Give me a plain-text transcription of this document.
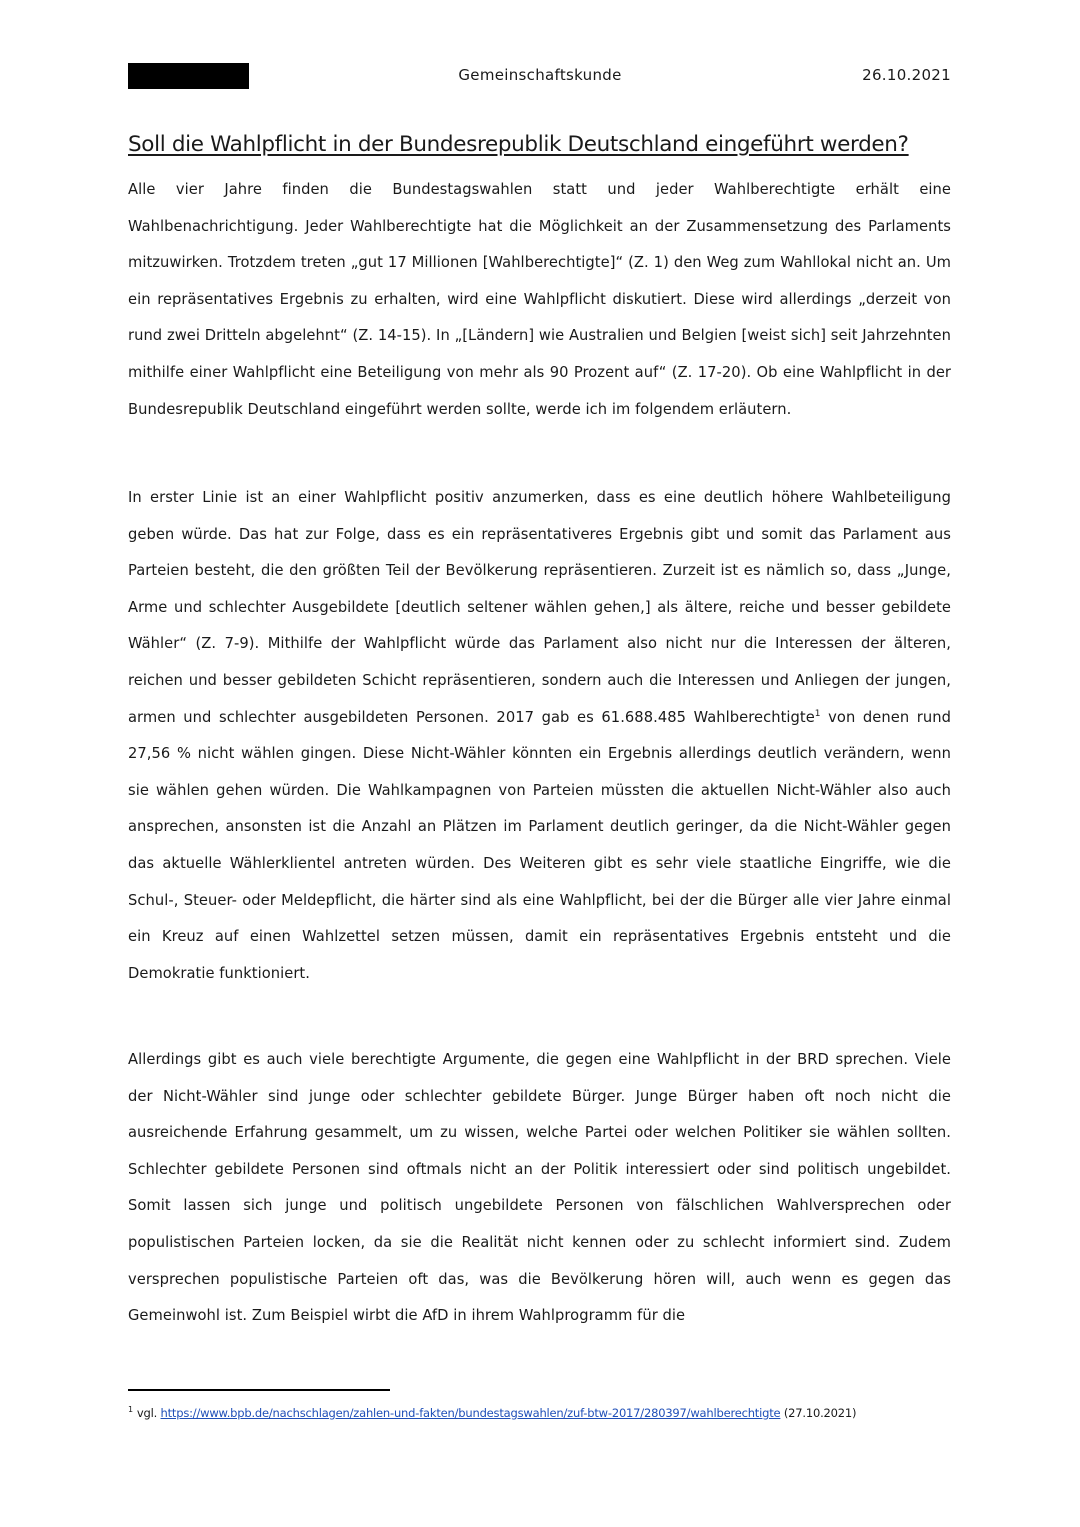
Gemeinschaftskunde	26.10.2021
Soll die Wahlpflicht in der Bundesrepublik Deutschland eingeführt werden?

Alle vier Jahre finden die Bundestagswahlen statt und jeder Wahlberechtigte erhält eine Wahlbenachrichtigung. Jeder Wahlberechtigte hat die Möglichkeit an der Zusammensetzung des Parlaments mitzuwirken. Trotzdem treten „gut 17 Millionen [Wahlberechtigte]“ (Z. 1) den Weg zum Wahllokal nicht an. Um ein repräsentatives Ergebnis zu erhalten, wird eine Wahlpflicht diskutiert. Diese wird allerdings „derzeit von rund zwei Dritteln abgelehnt“ (Z. 14-15). In „[Ländern] wie Australien und Belgien [weist sich] seit Jahrzehnten mithilfe einer Wahlpflicht eine Beteiligung von mehr als 90 Prozent auf“ (Z. 17-20). Ob eine Wahlpflicht in der Bundesrepublik Deutschland eingeführt werden sollte, werde ich im folgendem erläutern.

In erster Linie ist an einer Wahlpflicht positiv anzumerken, dass es eine deutlich höhere Wahlbeteiligung geben würde. Das hat zur Folge, dass es ein repräsentativeres Ergebnis gibt und somit das Parlament aus Parteien besteht, die den größten Teil der Bevölkerung repräsentieren. Zurzeit ist es nämlich so, dass „Junge, Arme und schlechter Ausgebildete [deutlich seltener wählen gehen,] als ältere, reiche und besser gebildete Wähler“ (Z. 7-9). Mithilfe der Wahlpflicht würde das Parlament also nicht nur die Interessen der älteren, reichen und besser gebildeten Schicht repräsentieren, sondern auch die Interessen und Anliegen der jungen, armen und schlechter ausgebildeten Personen. 2017 gab es 61.688.485 Wahlberechtigte$^1$ von denen rund 27,56 % nicht wählen gingen. Diese Nicht-Wähler könnten ein Ergebnis allerdings deutlich verändern, wenn sie wählen gehen würden. Die Wahlkampagnen von Parteien müssten die aktuellen Nicht-Wähler also auch ansprechen, ansonsten ist die Anzahl an Plätzen im Parlament deutlich geringer, da die Nicht-Wähler gegen das aktuelle Wählerklientel antreten würden. Des Weiteren gibt es sehr viele staatliche Eingriffe, wie die Schul-, Steuer- oder Meldepflicht, die härter sind als eine Wahlpflicht, bei der die Bürger alle vier Jahre einmal ein Kreuz auf einen Wahlzettel setzen müssen, damit ein repräsentatives Ergebnis entsteht und die Demokratie funktioniert.

Allerdings gibt es auch viele berechtigte Argumente, die gegen eine Wahlpflicht in der BRD sprechen. Viele der Nicht-Wähler sind junge oder schlechter gebildete Bürger. Junge Bürger haben oft noch nicht die ausreichende Erfahrung gesammelt, um zu wissen, welche Partei oder welchen Politiker sie wählen sollten. Schlechter gebildete Personen sind oftmals nicht an der Politik interessiert oder sind politisch ungebildet. Somit lassen sich junge und politisch ungebildete Personen von fälschlichen Wahlversprechen oder populistischen Parteien locken, da sie die Realität nicht kennen oder zu schlecht informiert sind. Zudem versprechen populistische Parteien oft das, was die Bevölkerung hören will, auch wenn es gegen das Gemeinwohl ist. Zum Beispiel wirbt die AfD in ihrem Wahlprogramm für die

$^1$ vgl. https://www.bpb.de/nachschlagen/zahlen-und-fakten/bundestagswahlen/zuf-btw-2017/280397/wahlberechtigte (27.10.2021)
